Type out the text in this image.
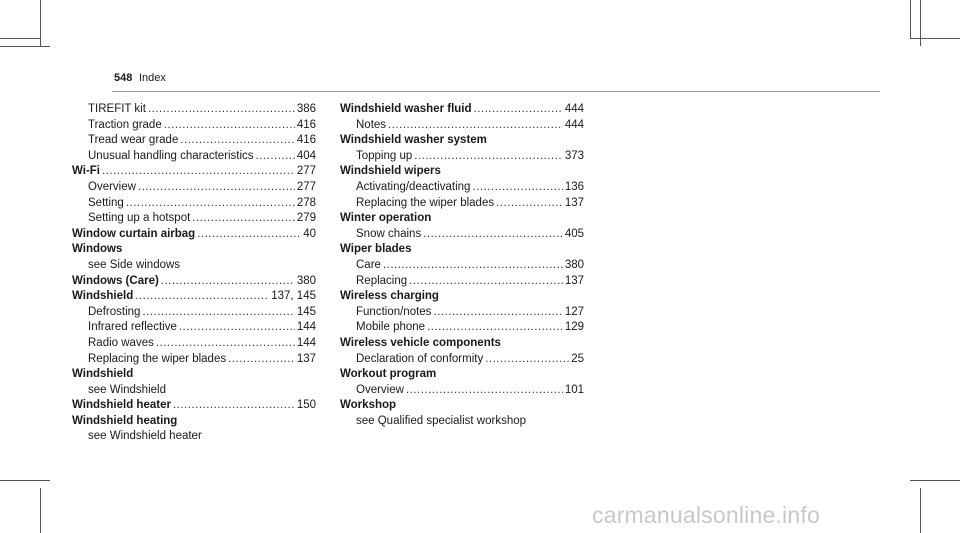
548 Index
TIREFIT kit .....	386
Traction grade .....	416
Tread wear grade .....	416
Unusual handling characteristics .....	404
Wi-Fi .....	277
Overview .....	277
Setting .....	278
Setting up a hotspot .....	279
Window curtain airbag .....	40
Windows
see Side windows
Windows (Care) .....	380
Windshield .....	137, 145
Defrosting .....	145
Infrared reflective .....	144
Radio waves .....	144
Replacing the wiper blades .....	137
Windshield
see Windshield
Windshield heater .....	150
Windshield heating
see Windshield heater
Windshield washer fluid .....	444
Notes .....	444
Windshield washer system
Topping up .....	373
Windshield wipers
Activating/deactivating .....	136
Replacing the wiper blades .....	137
Winter operation
Snow chains .....	405
Wiper blades
Care .....	380
Replacing .....	137
Wireless charging
Function/notes .....	127
Mobile phone .....	129
Wireless vehicle components
Declaration of conformity .....	25
Workout program
Overview .....	101
Workshop
see Qualified specialist workshop
carmanualsonline.info
